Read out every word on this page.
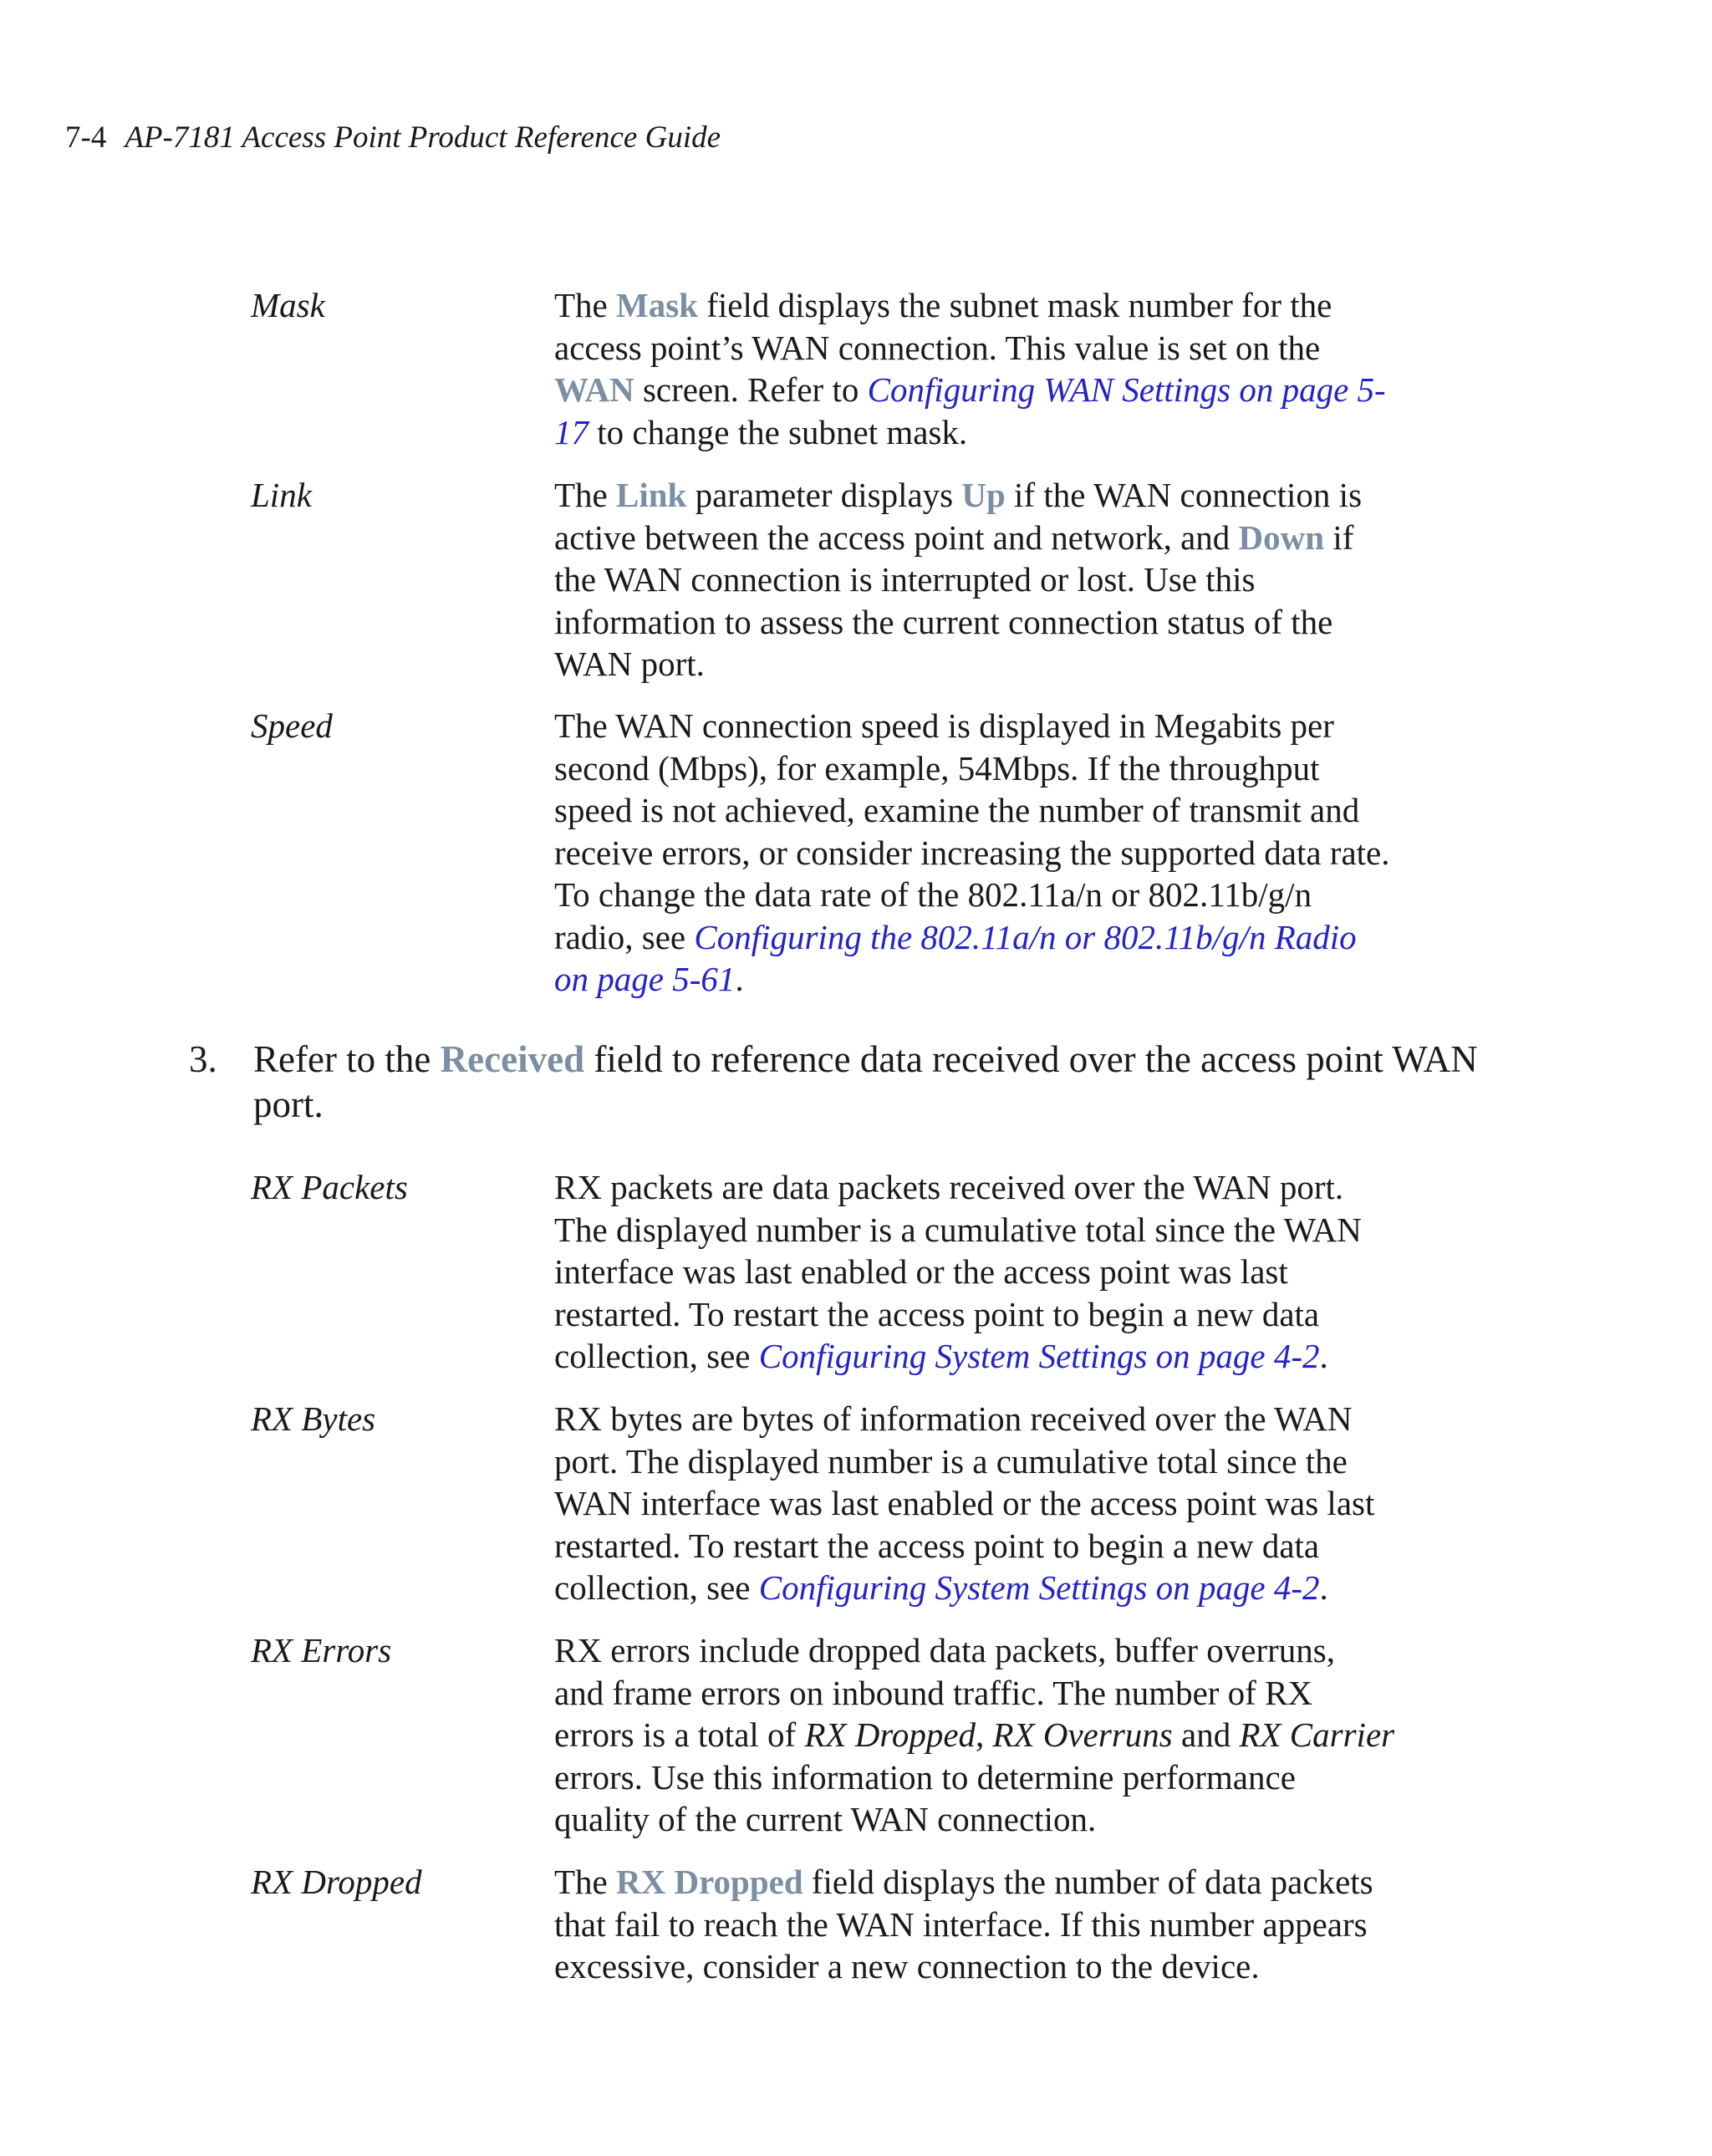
7-4 AP-7181 Access Point Product Reference Guide
Mask	The Mask field displays the subnet mask number for the
access point’s WAN connection. This value is set on the
WAN screen. Refer to Configuring WAN Settings on page 5-
17 to change the subnet mask.
Link	The Link parameter displays Up if the WAN connection is
active between the access point and network, and Down if
the WAN connection is interrupted or lost. Use this
information to assess the current connection status of the
WAN port.
Speed	The WAN connection speed is displayed in Megabits per
second (Mbps), for example, 54Mbps. If the throughput
speed is not achieved, examine the number of transmit and
receive errors, or consider increasing the supported data rate.
To change the data rate of the 802.11a/n or 802.11b/g/n
radio, see Configuring the 802.11a/n or 802.11b/g/n Radio
on page 5-61.
3. Refer to the Received field to reference data received over the access point WAN
port.
RX Packets	RX packets are data packets received over the WAN port.
The displayed number is a cumulative total since the WAN
interface was last enabled or the access point was last
restarted. To restart the access point to begin a new data
collection, see Configuring System Settings on page 4-2.
RX Bytes	RX bytes are bytes of information received over the WAN
port. The displayed number is a cumulative total since the
WAN interface was last enabled or the access point was last
restarted. To restart the access point to begin a new data
collection, see Configuring System Settings on page 4-2.
RX Errors	RX errors include dropped data packets, buffer overruns,
and frame errors on inbound traffic. The number of RX
errors is a total of RX Dropped, RX Overruns and RX Carrier
errors. Use this information to determine performance
quality of the current WAN connection.
RX Dropped	The RX Dropped field displays the number of data packets
that fail to reach the WAN interface. If this number appears
excessive, consider a new connection to the device.
